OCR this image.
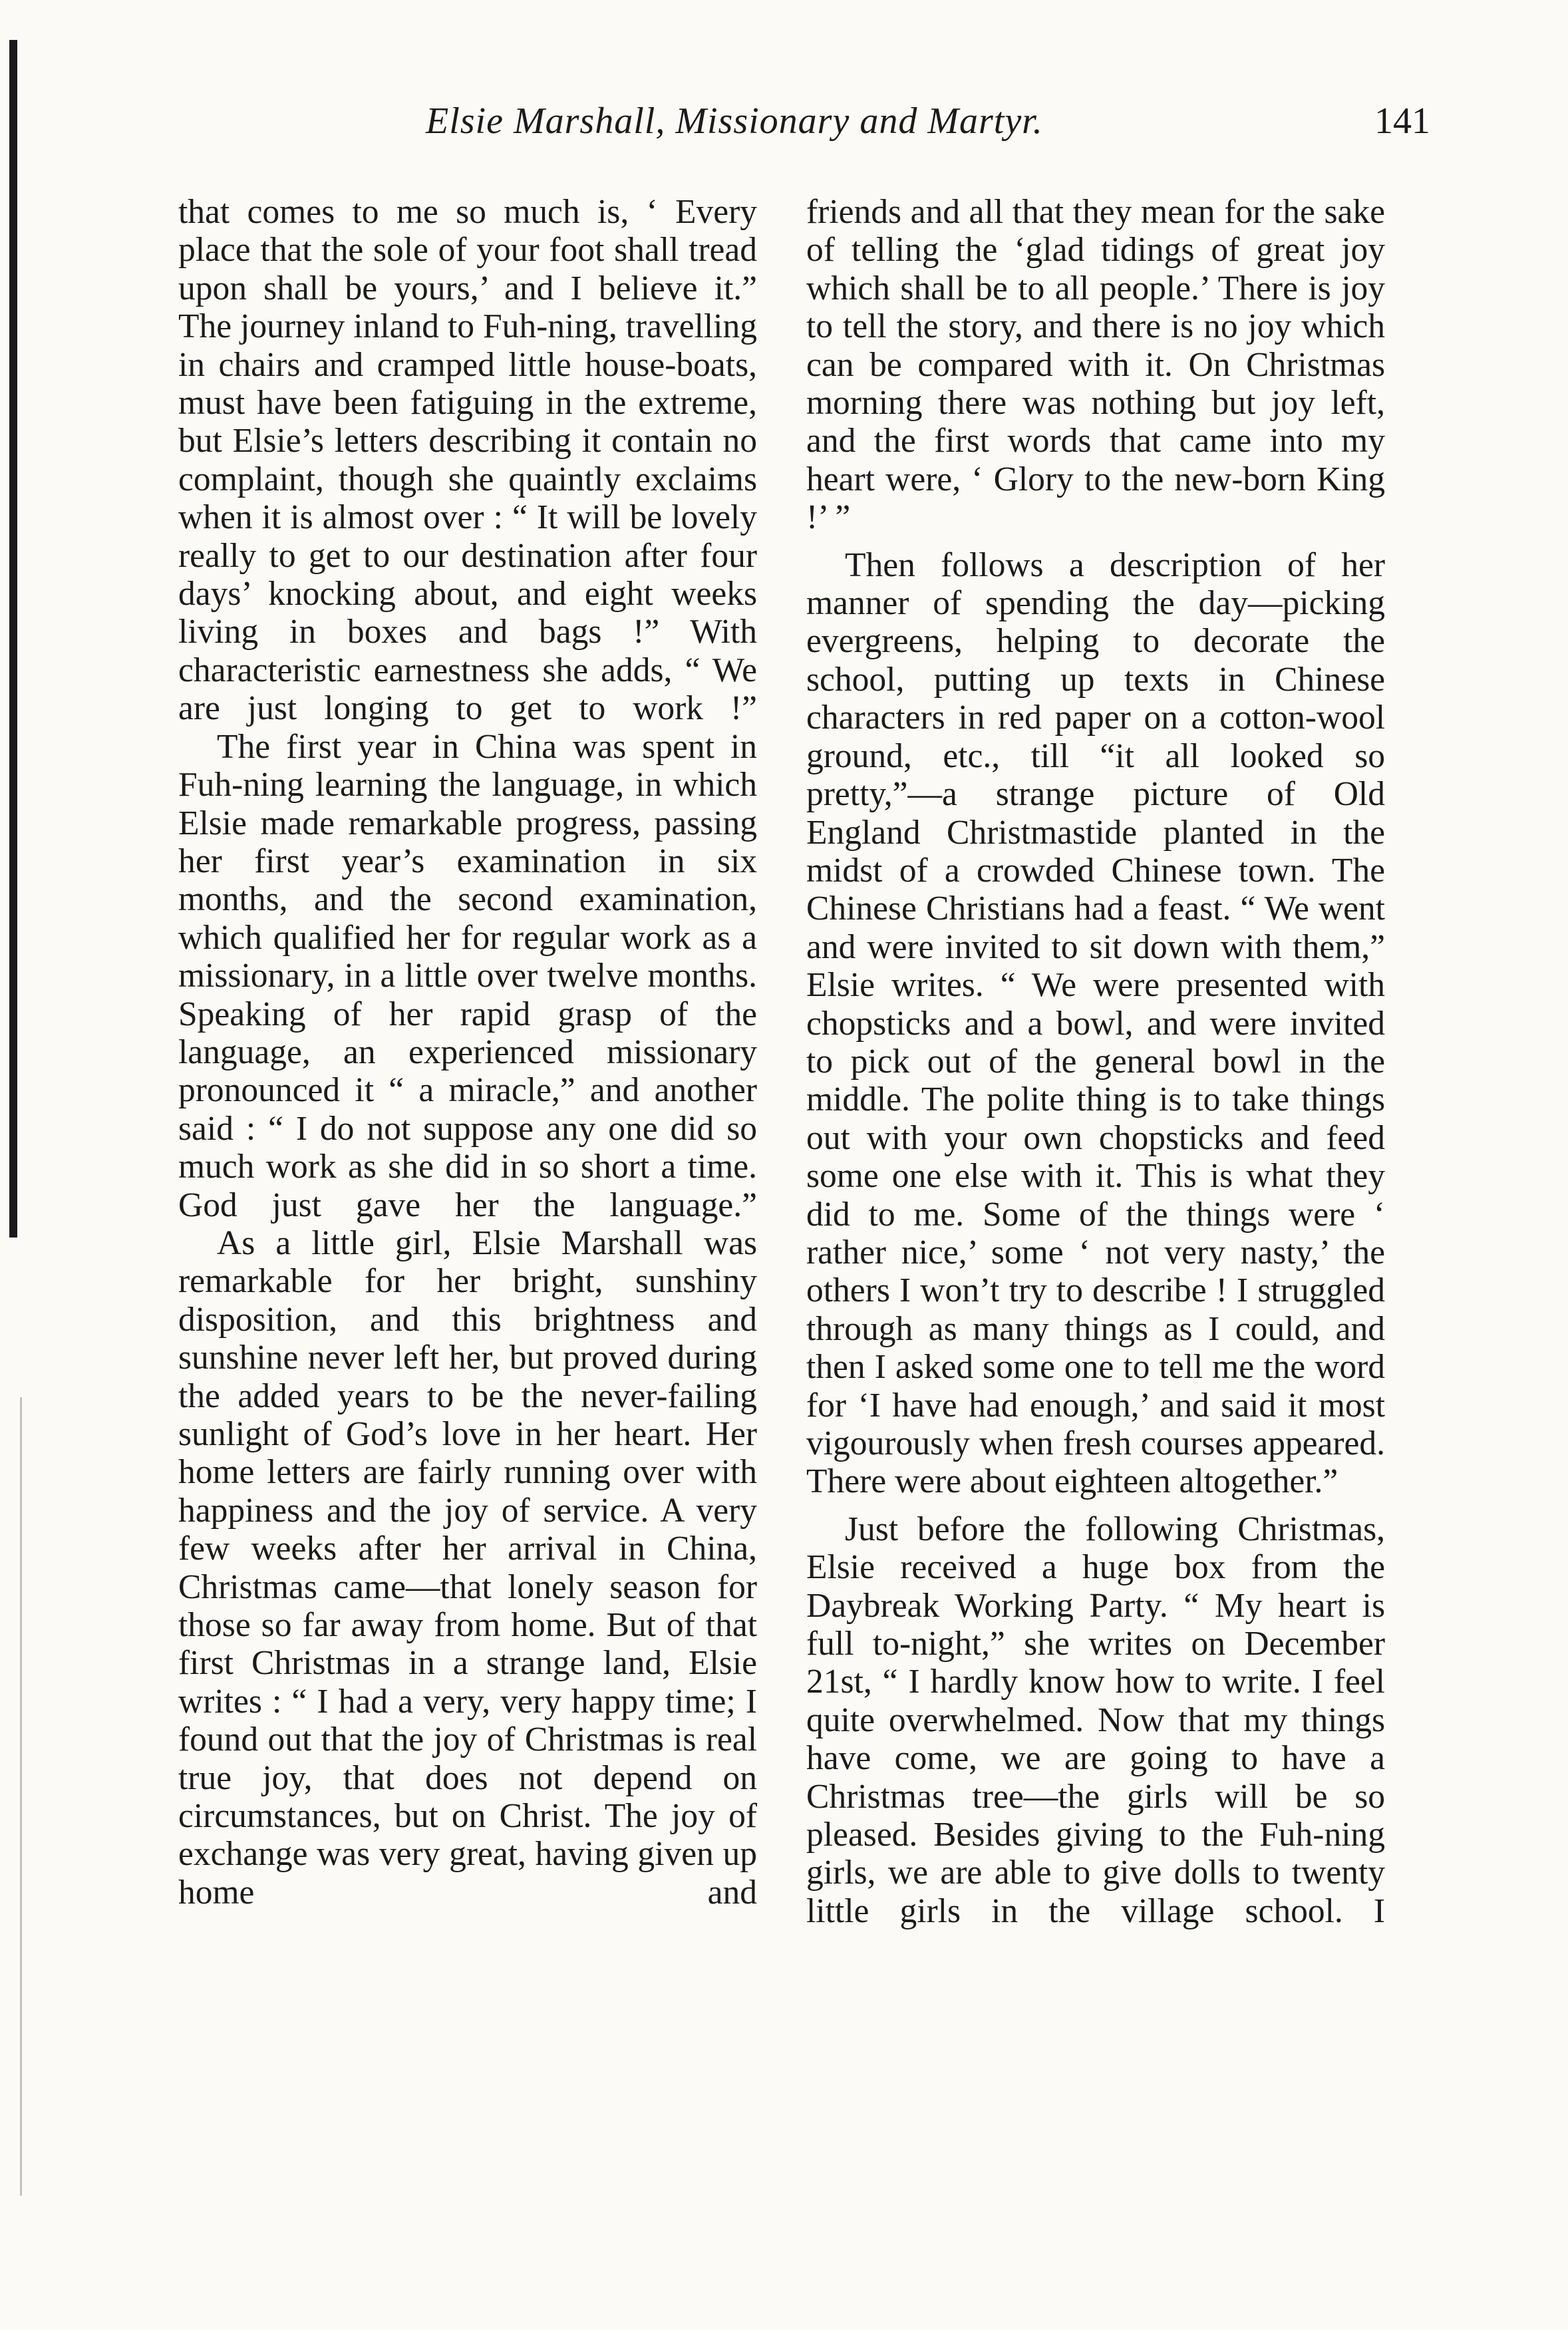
Elsie Marshall, Missionary and Martyr.	141

that comes to me so much is, ‘ Every place that the sole of your foot shall tread upon shall be yours,’ and I believe it.” The journey inland to Fuh-ning, travelling in chairs and cramped little house-boats, must have been fatiguing in the extreme, but Elsie’s letters describing it contain no complaint, though she quaintly exclaims when it is almost over : “ It will be lovely really to get to our destination after four days’ knocking about, and eight weeks living in boxes and bags !” With characteristic earnestness she adds, “ We are just longing to get to work !”

The first year in China was spent in Fuh-ning learning the language, in which Elsie made remarkable progress, passing her first year’s examination in six months, and the second examination, which qualified her for regular work as a missionary, in a little over twelve months. Speaking of her rapid grasp of the language, an experienced missionary pronounced it “ a miracle,” and another said : “ I do not suppose any one did so much work as she did in so short a time. God just gave her the language.”

As a little girl, Elsie Marshall was remarkable for her bright, sunshiny disposition, and this brightness and sunshine never left her, but proved during the added years to be the never-failing sunlight of God’s love in her heart. Her home letters are fairly running over with happiness and the joy of service. A very few weeks after her arrival in China, Christmas came—that lonely season for those so far away from home. But of that first Christmas in a strange land, Elsie writes : “ I had a very, very happy time; I found out that the joy of Christmas is real true joy, that does not depend on circumstances, but on Christ. The joy of exchange was very great, having given up home and

friends and all that they mean for the sake of telling the ‘glad tidings of great joy which shall be to all people.’ There is joy to tell the story, and there is no joy which can be compared with it. On Christmas morning there was nothing but joy left, and the first words that came into my heart were, ‘ Glory to the new-born King !’ ”

Then follows a description of her manner of spending the day—picking evergreens, helping to decorate the school, putting up texts in Chinese characters in red paper on a cotton-wool ground, etc., till “it all looked so pretty,”—a strange picture of Old England Christmastide planted in the midst of a crowded Chinese town. The Chinese Christians had a feast. “ We went and were invited to sit down with them,” Elsie writes. “ We were presented with chopsticks and a bowl, and were invited to pick out of the general bowl in the middle. The polite thing is to take things out with your own chopsticks and feed some one else with it. This is what they did to me. Some of the things were ‘ rather nice,’ some ‘ not very nasty,’ the others I won’t try to describe ! I struggled through as many things as I could, and then I asked some one to tell me the word for ‘I have had enough,’ and said it most vigourously when fresh courses appeared. There were about eighteen altogether.”

Just before the following Christmas, Elsie received a huge box from the Daybreak Working Party. “ My heart is full to-night,” she writes on December 21st, “ I hardly know how to write. I feel quite overwhelmed. Now that my things have come, we are going to have a Christmas tree—the girls will be so pleased. Besides giving to the Fuh-ning girls, we are able to give dolls to twenty little girls in the village school. I
